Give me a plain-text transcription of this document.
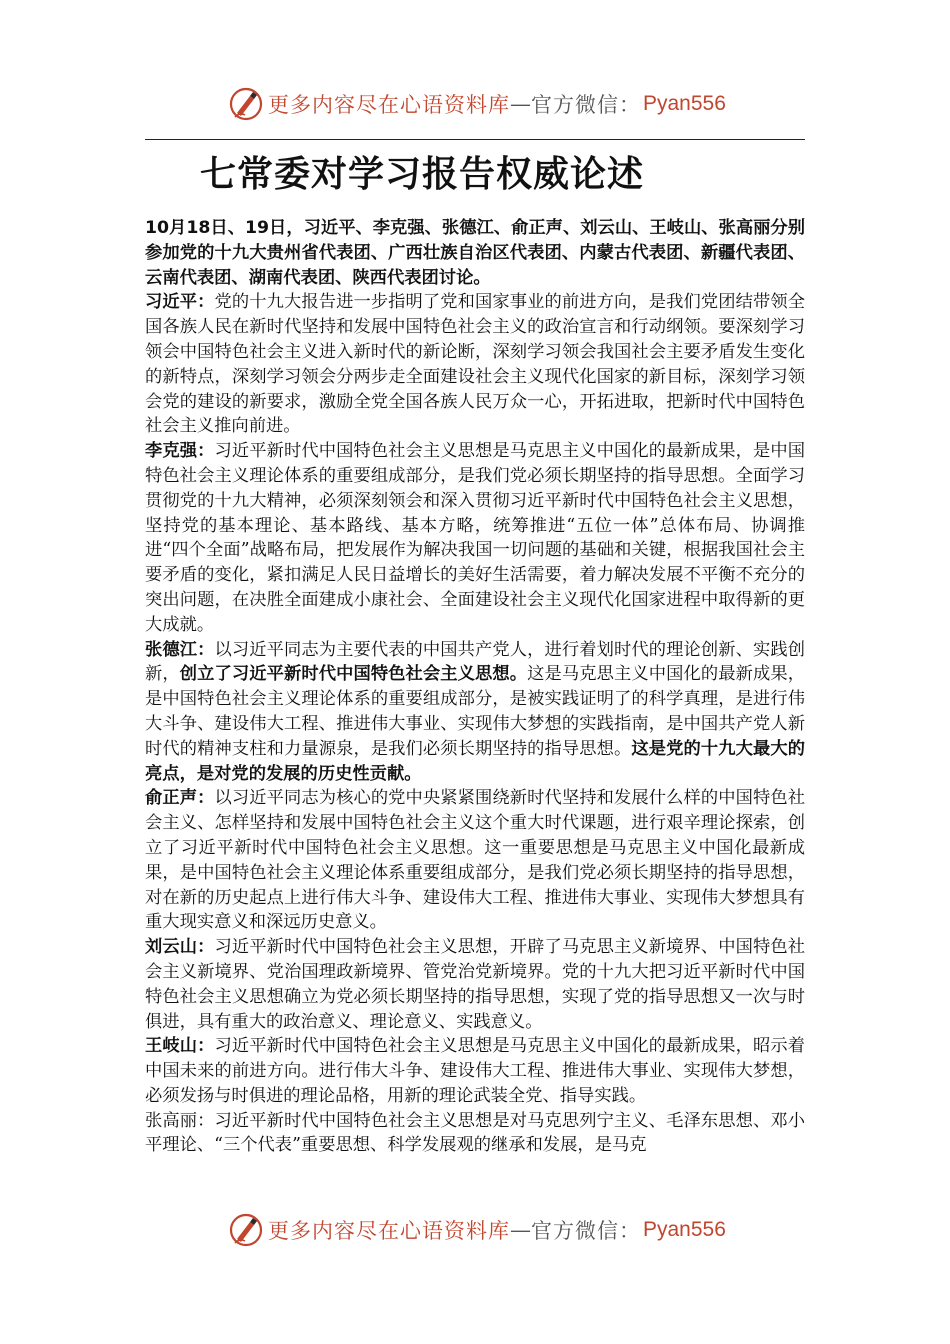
更多内容尽在心语资料库 — 官方微信： Pyan556
七常委对学习报告权威论述

10月18日、19日，习近平、李克强、张德江、俞正声、刘云山、王岐山、张高丽分别参加党的十九大贵州省代表团、广西壮族自治区代表团、内蒙古代表团、新疆代表团、云南代表团、湖南代表团、陕西代表团讨论。

习近平：党的十九大报告进一步指明了党和国家事业的前进方向，是我们党团结带领全国各族人民在新时代坚持和发展中国特色社会主义的政治宣言和行动纲领。要深刻学习领会中国特色社会主义进入新时代的新论断，深刻学习领会我国社会主要矛盾发生变化的新特点，深刻学习领会分两步走全面建设社会主义现代化国家的新目标，深刻学习领会党的建设的新要求，激励全党全国各族人民万众一心，开拓进取，把新时代中国特色社会主义推向前进。

李克强：习近平新时代中国特色社会主义思想是马克思主义中国化的最新成果，是中国特色社会主义理论体系的重要组成部分，是我们党必须长期坚持的指导思想。全面学习贯彻党的十九大精神，必须深刻领会和深入贯彻习近平新时代中国特色社会主义思想，坚持党的基本理论、基本路线、基本方略，统筹推进“五位一体”总体布局、协调推进“四个全面”战略布局，把发展作为解决我国一切问题的基础和关键，根据我国社会主要矛盾的变化，紧扣满足人民日益增长的美好生活需要，着力解决发展不平衡不充分的突出问题，在决胜全面建成小康社会、全面建设社会主义现代化国家进程中取得新的更大成就。

张德江：以习近平同志为主要代表的中国共产党人，进行着划时代的理论创新、实践创新，创立了习近平新时代中国特色社会主义思想。这是马克思主义中国化的最新成果，是中国特色社会主义理论体系的重要组成部分，是被实践证明了的科学真理，是进行伟大斗争、建设伟大工程、推进伟大事业、实现伟大梦想的实践指南，是中国共产党人新时代的精神支柱和力量源泉，是我们必须长期坚持的指导思想。这是党的十九大最大的亮点，是对党的发展的历史性贡献。

俞正声：以习近平同志为核心的党中央紧紧围绕新时代坚持和发展什么样的中国特色社会主义、怎样坚持和发展中国特色社会主义这个重大时代课题，进行艰辛理论探索，创立了习近平新时代中国特色社会主义思想。这一重要思想是马克思主义中国化最新成果，是中国特色社会主义理论体系重要组成部分，是我们党必须长期坚持的指导思想，对在新的历史起点上进行伟大斗争、建设伟大工程、推进伟大事业、实现伟大梦想具有重大现实意义和深远历史意义。

刘云山：习近平新时代中国特色社会主义思想，开辟了马克思主义新境界、中国特色社会主义新境界、党治国理政新境界、管党治党新境界。党的十九大把习近平新时代中国特色社会主义思想确立为党必须长期坚持的指导思想，实现了党的指导思想又一次与时俱进，具有重大的政治意义、理论意义、实践意义。

王岐山：习近平新时代中国特色社会主义思想是马克思主义中国化的最新成果，昭示着中国未来的前进方向。进行伟大斗争、建设伟大工程、推进伟大事业、实现伟大梦想，必须发扬与时俱进的理论品格，用新的理论武装全党、指导实践。

张高丽：习近平新时代中国特色社会主义思想是对马克思列宁主义、毛泽东思想、邓小平理论、“三个代表”重要思想、科学发展观的继承和发展，是马克

更多内容尽在心语资料库 — 官方微信： Pyan556
